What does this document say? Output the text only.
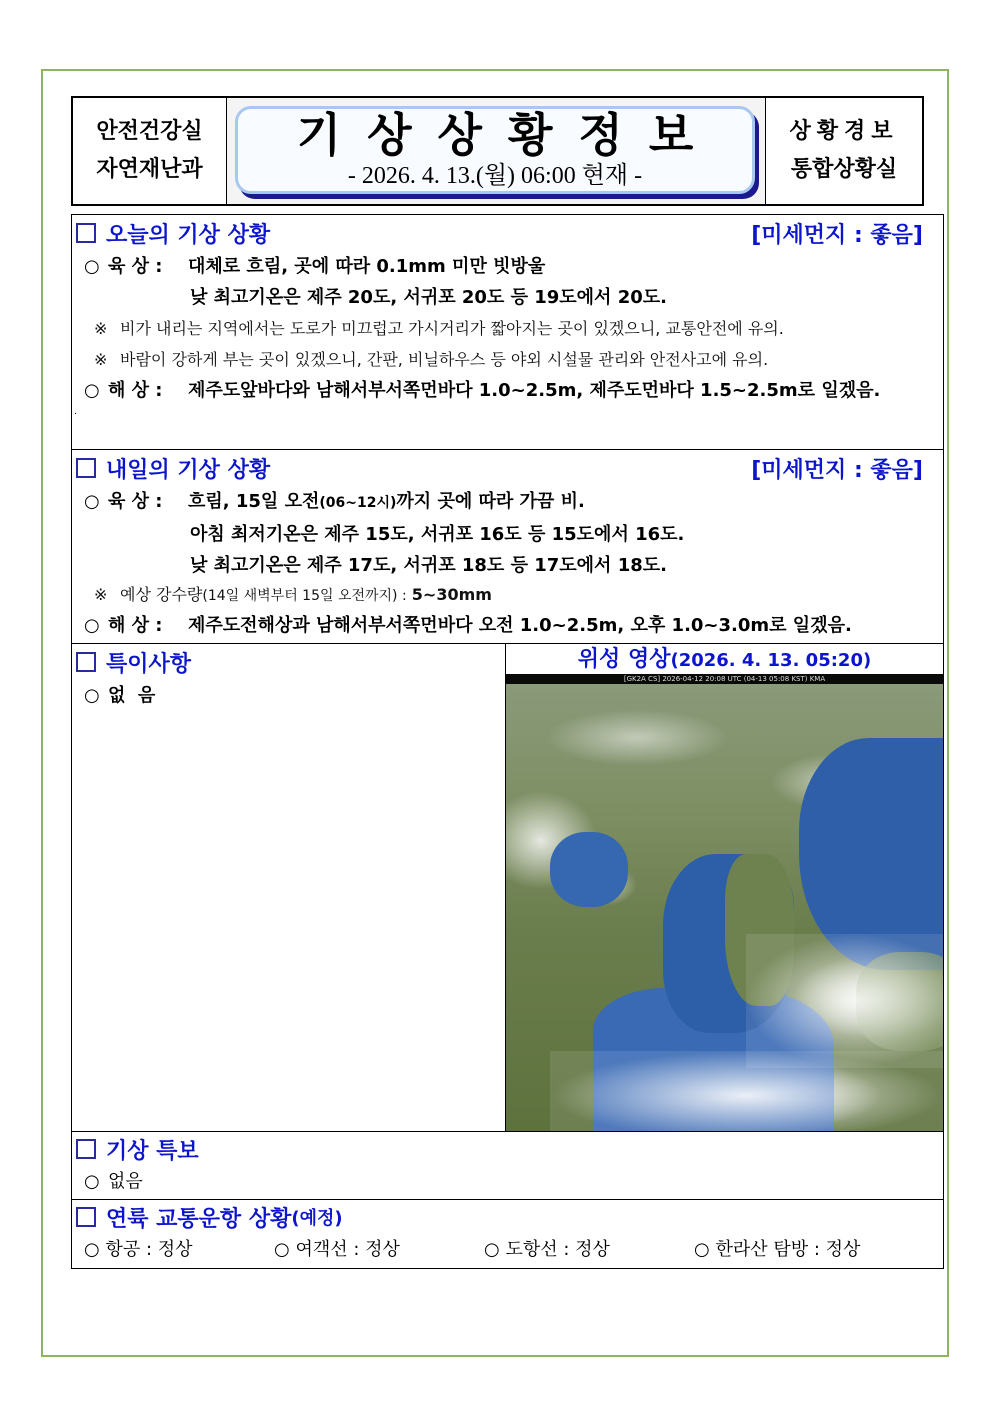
안전건강실
자연재난과
기상상황정보
- 2026. 4. 13.(월) 06:00 현재 -
상황경보
통합상황실
오늘의 기상 상황	[미세먼지 : 좋음]
○ 육 상 : 대체로 흐림, 곳에 따라 0.1mm 미만 빗방울
낮 최고기온은 제주 20도, 서귀포 20도 등 19도에서 20도.
※ 비가 내리는 지역에서는 도로가 미끄럽고 가시거리가 짧아지는 곳이 있겠으니, 교통안전에 유의.
※ 바람이 강하게 부는 곳이 있겠으니, 간판, 비닐하우스 등 야외 시설물 관리와 안전사고에 유의.
○ 해 상 : 제주도앞바다와 남해서부서쪽먼바다 1.0~2.5m, 제주도먼바다 1.5~2.5m로 일겠음.
.
내일의 기상 상황	[미세먼지 : 좋음]
○ 육 상 : 흐림, 15일 오전(06~12시)까지 곳에 따라 가끔 비.
아침 최저기온은 제주 15도, 서귀포 16도 등 15도에서 16도.
낮 최고기온은 제주 17도, 서귀포 18도 등 17도에서 18도.
※ 예상 강수량(14일 새벽부터 15일 오전까지) : 5~30mm
○ 해 상 : 제주도전해상과 남해서부서쪽먼바다 오전 1.0~2.5m, 오후 1.0~3.0m로 일겠음.
특이사항
○ 없  음
위성 영상(2026. 4. 13. 05:20)
[GK2A CS] 2026-04-12 20:08 UTC (04-13 05:08 KST) KMA
기상 특보
○ 없음
연륙 교통운항 상황 (예정)
○ 항공 : 정상	○ 여객선 : 정상	○ 도항선 : 정상	○ 한라산 탐방 : 정상
